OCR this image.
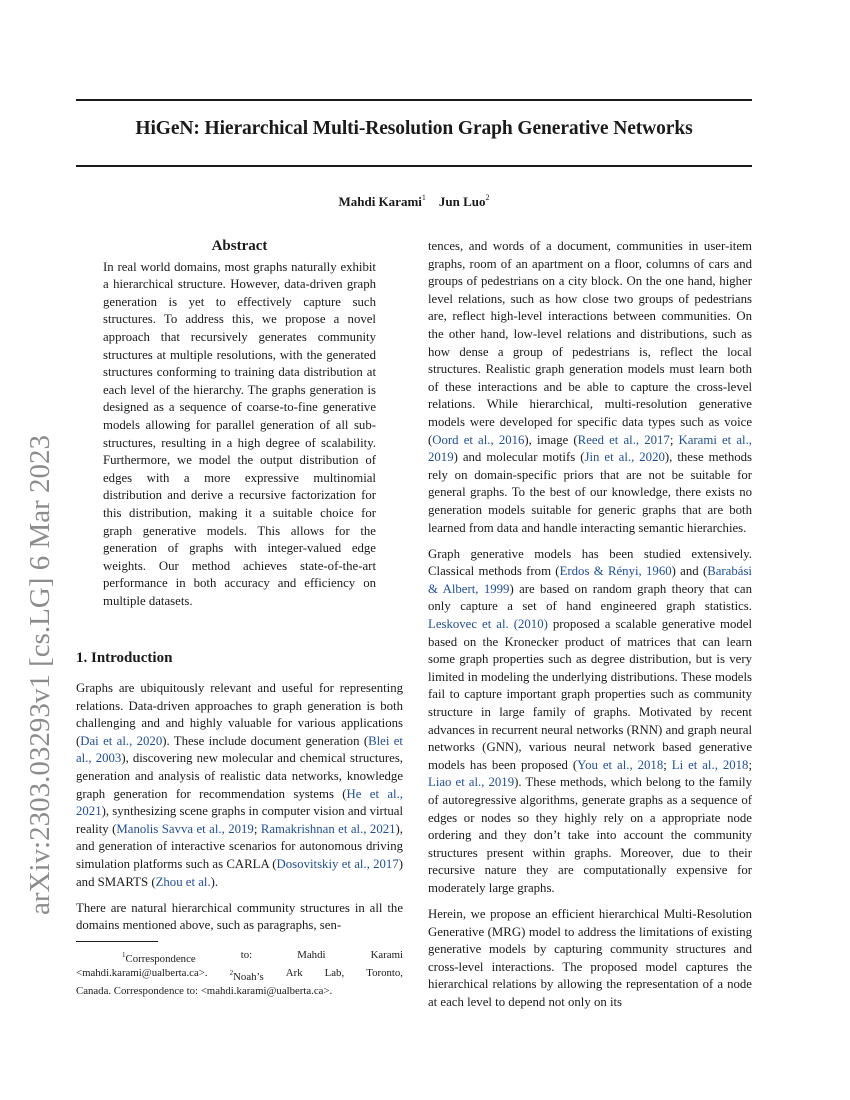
HiGeN: Hierarchical Multi-Resolution Graph Generative Networks
Mahdi Karami$^1$ Jun Luo$^2$
arXiv:2303.03293v1 [cs.LG] 6 Mar 2023

Abstract

In real world domains, most graphs naturally exhibit a hierarchical structure. However, data-driven graph generation is yet to effectively capture such structures. To address this, we propose a novel approach that recursively generates community structures at multiple resolutions, with the generated structures conforming to training data distribution at each level of the hierarchy. The graphs generation is designed as a sequence of coarse-to-fine generative models allowing for parallel generation of all sub-structures, resulting in a high degree of scalability. Furthermore, we model the output distribution of edges with a more expressive multinomial distribution and derive a recursive factorization for this distribution, making it a suitable choice for graph generative models. This allows for the generation of graphs with integer-valued edge weights. Our method achieves state-of-the-art performance in both accuracy and efficiency on multiple datasets.

1. Introduction

Graphs are ubiquitously relevant and useful for representing relations. Data-driven approaches to graph generation is both challenging and and highly valuable for various applications (Dai et al., 2020). These include document generation (Blei et al., 2003), discovering new molecular and chemical structures, generation and analysis of realistic data networks, knowledge graph generation for recommendation systems (He et al., 2021), synthesizing scene graphs in computer vision and virtual reality (Manolis Savva et al., 2019; Ramakrishnan et al., 2021), and generation of interactive scenarios for autonomous driving simulation platforms such as CARLA (Dosovitskiy et al., 2017) and SMARTS (Zhou et al.).

There are natural hierarchical community structures in all the domains mentioned above, such as paragraphs, sen-

$^1$Correspondence	to:	Mahdi	Karami
<mahdi.karami@ualberta.ca>.	$^2$Noah’s Ark Lab, Toronto,
Canada. Correspondence to: <mahdi.karami@ualberta.ca>.

tences, and words of a document, communities in user-item graphs, room of an apartment on a floor, columns of cars and groups of pedestrians on a city block. On the one hand, higher level relations, such as how close two groups of pedestrians are, reflect high-level interactions between communities. On the other hand, low-level relations and distributions, such as how dense a group of pedestrians is, reflect the local structures. Realistic graph generation models must learn both of these interactions and be able to capture the cross-level relations. While hierarchical, multi-resolution generative models were developed for specific data types such as voice (Oord et al., 2016), image (Reed et al., 2017; Karami et al., 2019) and molecular motifs (Jin et al., 2020), these methods rely on domain-specific priors that are not be suitable for general graphs. To the best of our knowledge, there exists no generation models suitable for generic graphs that are both learned from data and handle interacting semantic hierarchies.

Graph generative models has been studied extensively. Classical methods from (Erdos & Rényi, 1960) and (Barabási & Albert, 1999) are based on random graph theory that can only capture a set of hand engineered graph statistics. Leskovec et al. (2010) proposed a scalable generative model based on the Kronecker product of matrices that can learn some graph properties such as degree distribution, but is very limited in modeling the underlying distributions. These models fail to capture important graph properties such as community structure in large family of graphs. Motivated by recent advances in recurrent neural networks (RNN) and graph neural networks (GNN), various neural network based generative models has been proposed (You et al., 2018; Li et al., 2018; Liao et al., 2019). These methods, which belong to the family of autoregressive algorithms, generate graphs as a sequence of edges or nodes so they highly rely on a appropriate node ordering and they don’t take into account the community structures present within graphs. Moreover, due to their recursive nature they are computationally expensive for moderately large graphs.

Herein, we propose an efficient hierarchical Multi-Resolution Generative (MRG) model to address the limitations of existing generative models by capturing community structures and cross-level interactions. The proposed model captures the hierarchical relations by allowing the representation of a node at each level to depend not only on its
